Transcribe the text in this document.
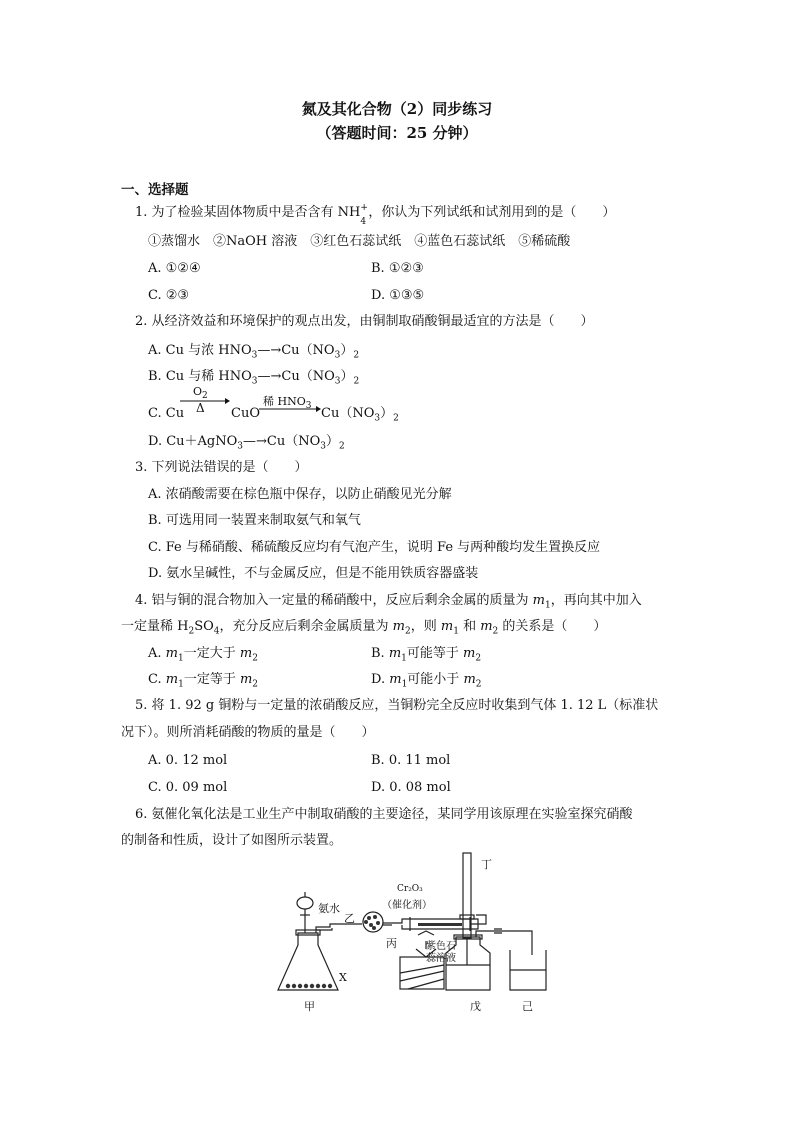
氮及其化合物（2）同步练习
（答题时间：25 分钟）
一、选择题
1. 为了检验某固体物质中是否含有 NH +
4
，你认为下列试纸和试剂用到的是（　　）
①蒸馏水　②NaOH 溶液　③红色石蕊试纸　④蓝色石蕊试纸　⑤稀硫酸
A. ①②④	B. ①②③
C. ②③	D. ①③⑤
2. 从经济效益和环境保护的观点出发，由铜制取硝酸铜最适宜的方法是（　　）
A. Cu 与浓 $HNO_3—\to Cu(NO_3)_2$
B. Cu 与稀 $HNO_3—\to Cu(NO_3)_2$
C. Cu
$O_2$
Δ CuO
稀 $HNO_3$ $Cu(NO_3)_2$
D. $Cu+AgNO_3—\to Cu(NO_3)_2$
3. 下列说法错误的是（　　）
A. 浓硝酸需要在棕色瓶中保存，以防止硝酸见光分解
B. 可选用同一装置来制取氨气和氧气
C. Fe 与稀硝酸、稀硫酸反应均有气泡产生，说明 Fe 与两种酸均发生置换反应
D. 氨水呈碱性，不与金属反应，但是不能用铁质容器盛装
4. 铝与铜的混合物加入一定量的稀硝酸中，反应后剩余金属的质量为 $m_1$，再向其中加入
一定量稀 $H_2SO_4$，充分反应后剩余金属质量为 $m_2$，则 $m_1$ 和 $m_2$ 的关系是（　　）
A. $m_1$一定大于 $m_2$	B. $m_1$可能等于 $m_2$
C. $m_1$一定等于 $m_2$	D. $m_1$可能小于 $m_2$
5. 将 1. 92 g 铜粉与一定量的浓硝酸反应，当铜粉完全反应时收集到气体 1. 12 L（标准状
况下）。则所消耗硝酸的物质的量是（　　）
A. 0. 12 mol	B. 0. 11 mol
C. 0. 09 mol	D. 0. 08 mol
6. 氨催化氧化法是工业生产中制取硝酸的主要途径，某同学用该原理在实验室探究硝酸
的制备和性质，设计了如图所示装置。
氨水
X
甲
乙
Cr₂O₃
（催化剂）
丙
丁
紫色石
蕊溶液
戊	己
